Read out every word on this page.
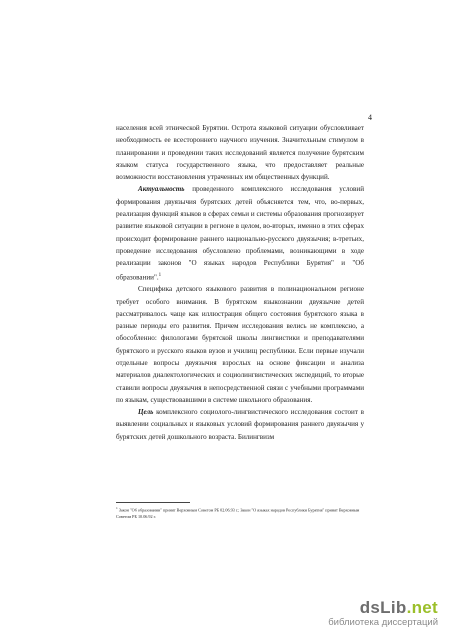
4

населения всей этнической Бурятии. Острота языковой ситуации обусловливает необходимость ее всестороннего научного изучения. Значительным стимулом в планировании и проведении таких исследований является получение бурятским языком статуса государственного языка, что предоставляет реальные возможности восстановления утраченных им общественных функций.

Актуальность проведенного комплексного исследования условий формирования двуязычия бурятских детей объясняется тем, что, во-первых, реализация функций языков в сферах семьи и системы образования прогнозирует развитие языковой ситуации в регионе в целом, во-вторых, именно в этих сферах происходит формирование раннего национально-русского двуязычия; в-третьих, проведение исследования обусловлено проблемами, возникающими в ходе реализации законов "О языках народов Республики Бурятия" и "Об образовании".$^1$

Специфика детского языкового развития в полинациональном регионе требует особого внимания. В бурятском языкознании двуязычие детей рассматривалось чаще как иллюстрация общего состояния бурятского языка в разные периоды его развития. Причем исследования велись не комплексно, а обособленно: филологами бурятской школы лингвистики и преподавателями бурятского и русского языков вузов и училищ республики. Если первые изучали отдельные вопросы двуязычия взрослых на основе фиксации и анализа материалов диалектологических и социолингвистических экспедиций, то вторые ставили вопросы двуязычия в непосредственной связи с учебными программами по языкам, существовавшими в системе школьного образования.

Цель комплексного социолого-лингвистического исследования состоит в выявлении социальных и языковых условий формирования раннего двуязычия у бурятских детей дошкольного возраста. Билингвизм

$^1$ Закон "Об образовании" принят Верховным Советом РБ 02.06.93 г.; Закон "О языках народов Республики Бурятия" принят Верховным Советом РБ 10.06.92 г.
dsLib.net
библиотека диссертаций
